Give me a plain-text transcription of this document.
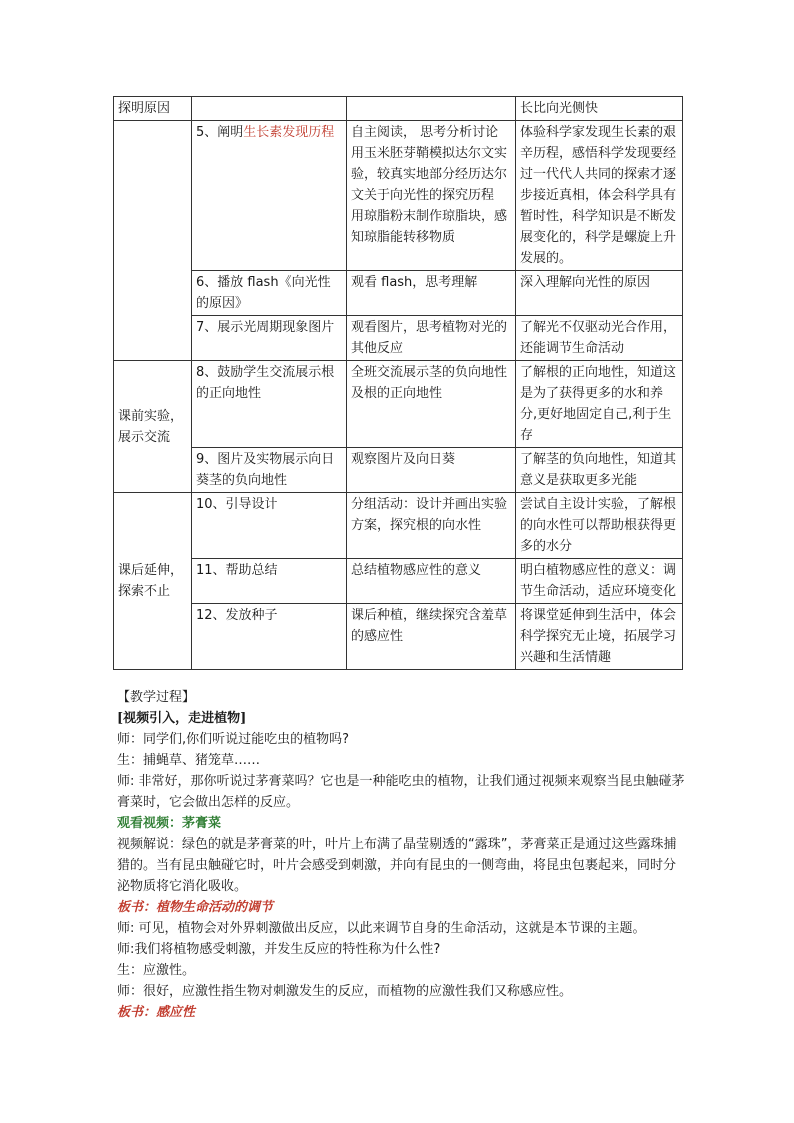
探明原因			长比向光侧快
	5、阐明生长素发现历程	自主阅读， 思考分析讨论
用玉米胚芽鞘模拟达尔文实验，较真实地部分经历达尔文关于向光性的探究历程
用琼脂粉末制作琼脂块，感知琼脂能转移物质	体验科学家发现生长素的艰辛历程，感悟科学发现要经过一代代人共同的探索才逐步接近真相，体会科学具有暂时性，科学知识是不断发展变化的，科学是螺旋上升发展的。
	6、播放 flash《向光性的原因》	观看 flash，思考理解	深入理解向光性的原因
	7、展示光周期现象图片	观看图片，思考植物对光的其他反应	了解光不仅驱动光合作用，还能调节生命活动

课前实验，
展示交流	8、鼓励学生交流展示根的正向地性	全班交流展示茎的负向地性及根的正向地性	了解根的正向地性，知道这是为了获得更多的水和养分,更好地固定自己,利于生存
	9、图片及实物展示向日葵茎的负向地性	观察图片及向日葵	了解茎的负向地性，知道其意义是获取更多光能

课后延伸，
探索不止	10、引导设计	分组活动：设计并画出实验方案，探究根的向水性	尝试自主设计实验，了解根的向水性可以帮助根获得更多的水分
	11、帮助总结	总结植物感应性的意义	明白植物感应性的意义：调节生命活动，适应环境变化
	12、发放种子	课后种植，继续探究含羞草的感应性	将课堂延伸到生活中，体会科学探究无止境，拓展学习兴趣和生活情趣

【教学过程】

[视频引入，走进植物]

师：同学们,你们听说过能吃虫的植物吗?

生：捕蝇草、猪笼草……

师: 非常好，那你听说过茅膏菜吗？它也是一种能吃虫的植物，让我们通过视频来观察当昆虫触碰茅膏菜时，它会做出怎样的反应。

观看视频：茅膏菜

视频解说：绿色的就是茅膏菜的叶，叶片上布满了晶莹剔透的“露珠”，茅膏菜正是通过这些露珠捕猎的。当有昆虫触碰它时，叶片会感受到刺激，并向有昆虫的一侧弯曲，将昆虫包裹起来，同时分泌物质将它消化吸收。

板书：植物生命活动的调节

师: 可见，植物会对外界刺激做出反应，以此来调节自身的生命活动，这就是本节课的主题。

师:我们将植物感受刺激，并发生反应的特性称为什么性?

生：应激性。

师：很好，应激性指生物对刺激发生的反应，而植物的应激性我们又称感应性。

板书：感应性
